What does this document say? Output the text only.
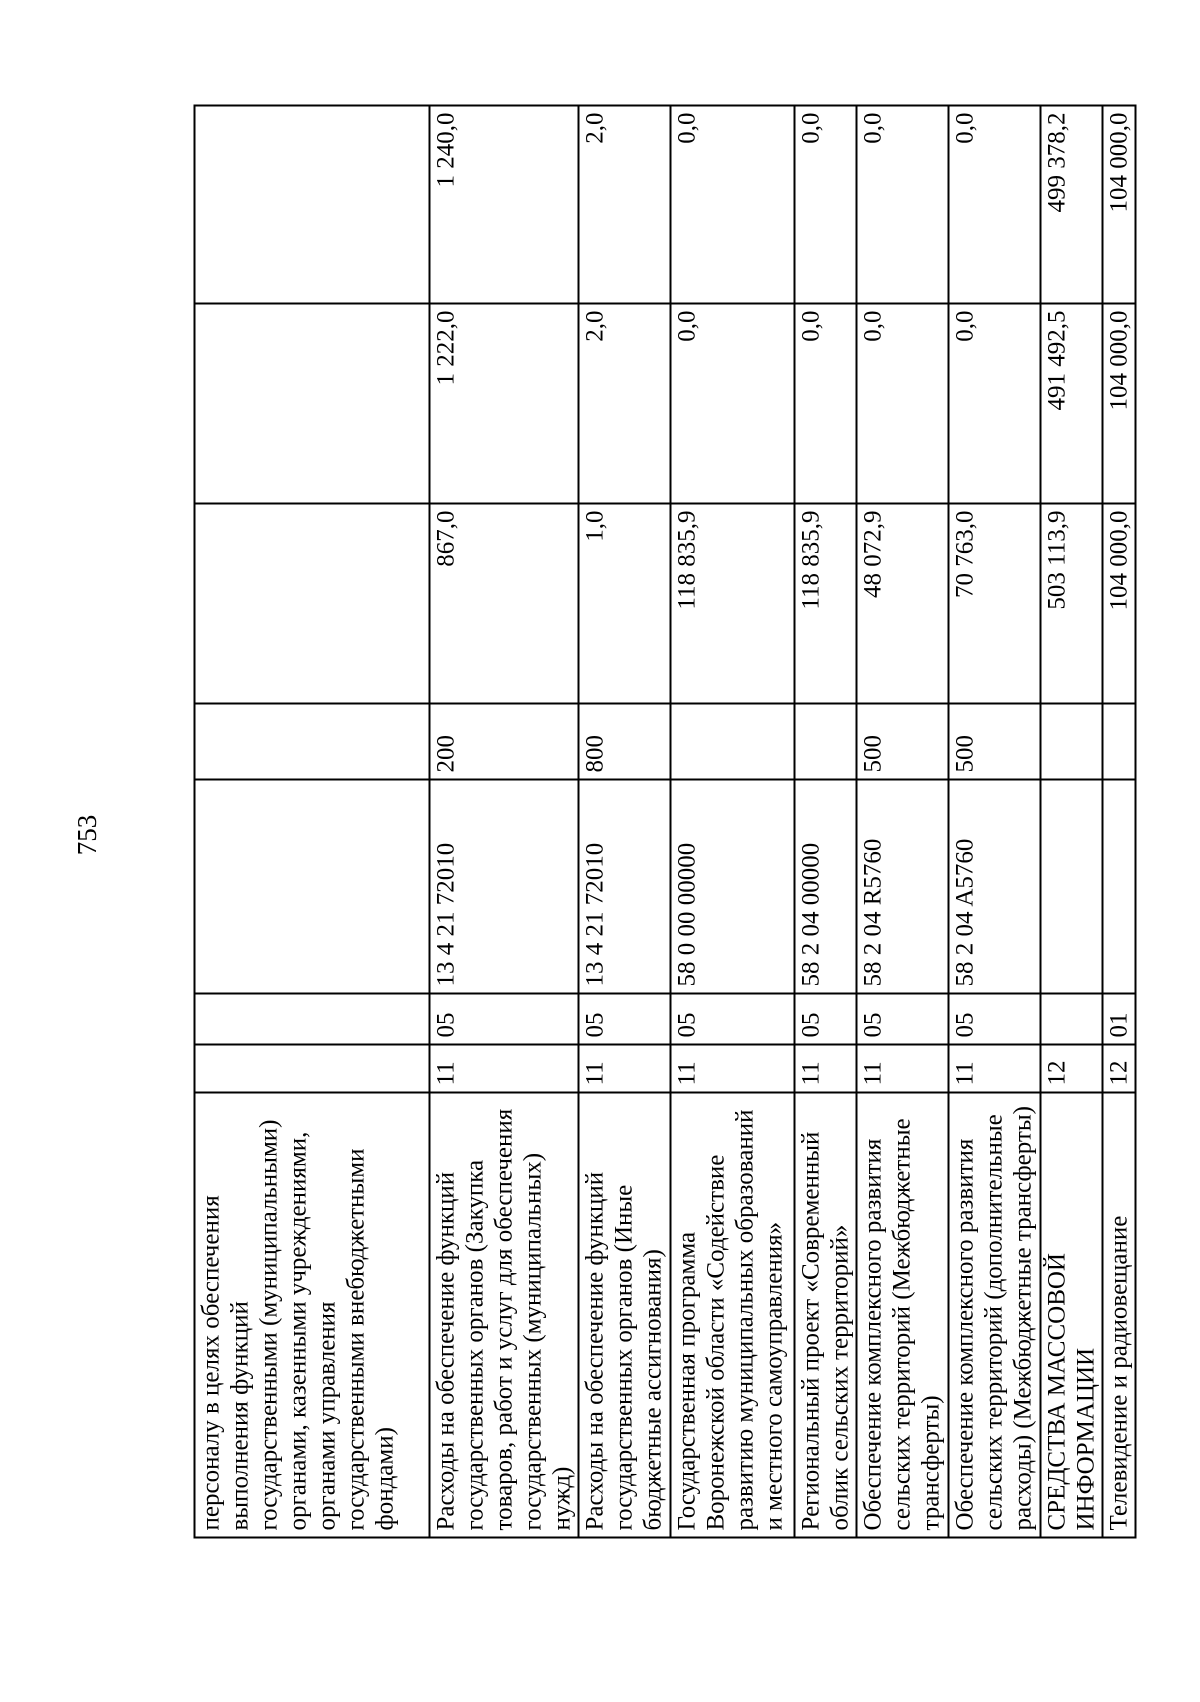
753
персоналу в целях обеспечения выполнения функций государственными (муниципальными) органами, казенными учреждениями, органами управления государственными внебюджетными фондами)							
Расходы на обеспечение функций государственных органов (Закупка товаров, работ и услуг для обеспечения государственных (муниципальных) нужд)	11	05	13 4 21 72010	200	867,0	1 222,0	1 240,0
Расходы на обеспечение функций государственных органов (Иные бюджетные ассигнования)	11	05	13 4 21 72010	800	1,0	2,0	2,0
Государственная программа Воронежской области «Содействие развитию муниципальных образований и местного самоуправления»	11	05	58 0 00 00000		118 835,9	0,0	0,0
Региональный проект «Современный облик сельских территорий»	11	05	58 2 04 00000		118 835,9	0,0	0,0
Обеспечение комплексного развития сельских территорий (Межбюджетные трансферты)	11	05	58 2 04 R5760	500	48 072,9	0,0	0,0
Обеспечение комплексного развития сельских территорий (дополнительные расходы) (Межбюджетные трансферты)	11	05	58 2 04 A5760	500	70 763,0	0,0	0,0
СРЕДСТВА МАССОВОЙ ИНФОРМАЦИИ	12				503 113,9	491 492,5	499 378,2
Телевидение и радиовещание	12	01			104 000,0	104 000,0	104 000,0
